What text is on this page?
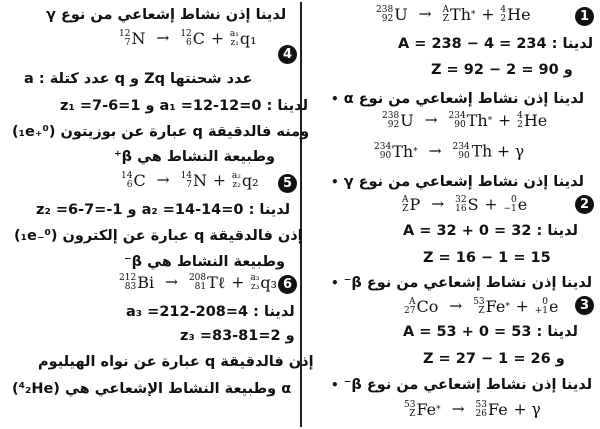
238
92 U → A
Z Th * + 4
2 He	1
A = 238 − 4 = 234 : لدينا
Z = 92 − 2 = 90 و
لدينا إذن نشاط إشعاعي من نوع α •
238
92 U → 234
90 Th * + 4
2 He
234
90 Th * → 234
90 Th + γ
لدينا إذن نشاط إشعاعي من نوع γ •
A
Z P → 32
16 S + 0
−1 e	2
A = 32 + 0 = 32 : لدينا
Z = 16 − 1 = 15
لدينا إذن نشاط إشعاعي من نوع β⁻ •
A
27 Co → 53
Z Fe * + 0
+1 e	3
A = 53 + 0 = 53 : لدينا
Z = 27 − 1 = 26 و
لدينا إذن نشاط إشعاعي من نوع β⁻ •
53
Z Fe * → 53
26 Fe + γ
لدينا إذن نشاط إشعاعي من نوع γ
12
7 N → 12
6 C + a₁
z₁ q₁
4
a : عدد كتلة q و Zq عدد شحنتها
لدينا : a₁ =12-12=0 و z₁ =7-6=1
ومنه فالدقيقة q عبارة عن بوزيتون (⁰₊₁e)
وطبيعة النشاط هي β⁺
14
6 C → 14
7 N + a₂
z₂ q₂	5
لدينا : a₂ =14-14=0 و z₂ =6-7=-1
إذن فالدقيقة q عبارة عن إلكترون (⁰₋₁e)
وطبيعة النشاط هي β⁻
212
83 Bi → 208
81 Tℓ + a₃
z₃ q₃ 6
لدينا : a₃ =212-208=4
و z₃ =83-81=2
إذن فالدقيقة q عبارة عن نواه الهيليوم
(⁴₂He) وطبيعة النشاط الإشعاعي هي α
